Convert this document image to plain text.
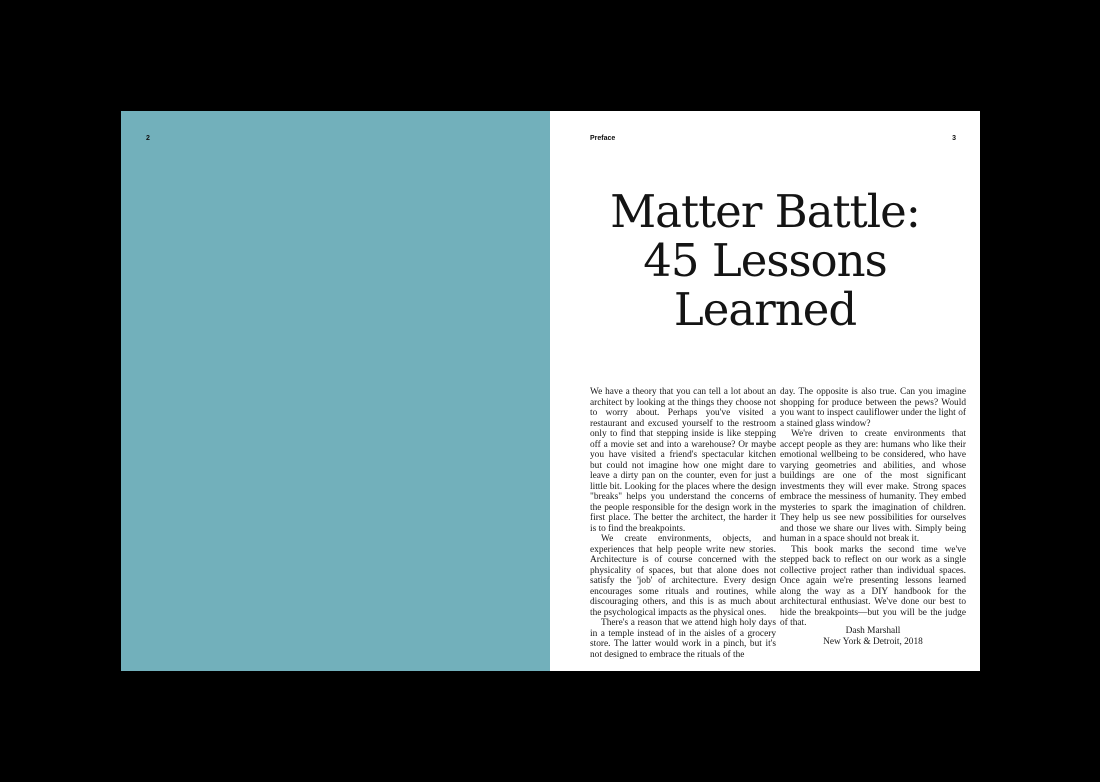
2	Preface	3
Matter Battle:
45 Lessons
Learned

We have a theory that you can tell a lot about an architect by looking at the things they choose not to worry about. Perhaps you've visited a restaurant and excused yourself to the restroom only to find that stepping inside is like stepping off a movie set and into a warehouse? Or maybe you have visited a friend's spectacular kitchen but could not imagine how one might dare to leave a dirty pan on the counter, even for just a little bit. Looking for the places where the design "breaks" helps you understand the concerns of the people responsible for the design work in the first place. The better the architect, the harder it is to find the breakpoints.

We create environments, objects, and experiences that help people write new stories. Architecture is of course concerned with the physicality of spaces, but that alone does not satisfy the 'job' of architecture. Every design encourages some rituals and routines, while discouraging others, and this is as much about the psychological impacts as the physical ones.

There's a reason that we attend high holy days in a temple instead of in the aisles of a grocery store. The latter would work in a pinch, but it's not designed to embrace the rituals of the

day. The opposite is also true. Can you imagine shopping for produce between the pews? Would you want to inspect cauliflower under the light of a stained glass window?

We're driven to create environments that accept people as they are: humans who like their emotional wellbeing to be considered, who have varying geometries and abilities, and whose buildings are one of the most significant investments they will ever make. Strong spaces embrace the messiness of humanity. They embed mysteries to spark the imagination of children. They help us see new possibilities for ourselves and those we share our lives with. Simply being human in a space should not break it.

This book marks the second time we've stepped back to reflect on our work as a single collective project rather than individual spaces. Once again we're presenting lessons learned along the way as a DIY handbook for the architectural enthusiast. We've done our best to hide the breakpoints—but you will be the judge of that.

Dash Marshall
New York & Detroit, 2018
